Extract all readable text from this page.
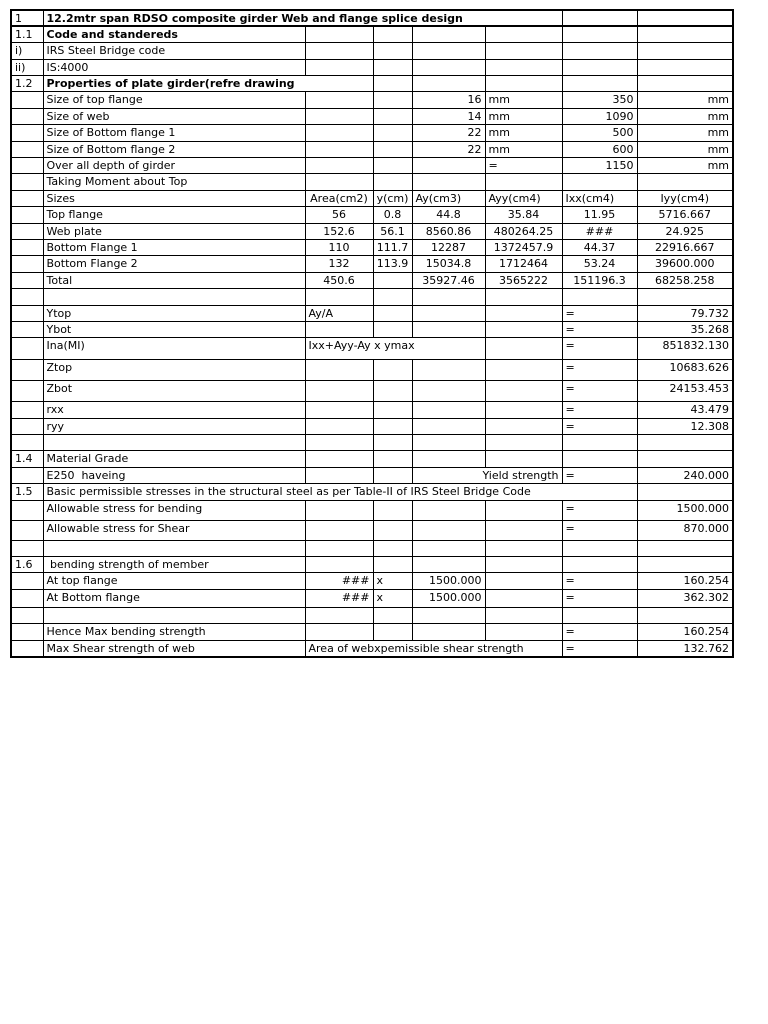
1	12.2mtr span RDSO composite girder Web and flange splice design						
1.1	Code and standereds						
i)	IRS Steel Bridge code						
ii)	IS:4000						
1.2	Properties of plate girder(refre drawing						
	Size of top flange			16	mm	350	mm
	Size of web			14	mm	1090	mm
	Size of Bottom flange 1			22	mm	500	mm
	Size of Bottom flange 2			22	mm	600	mm
	Over all depth of girder				=	1150	mm
	Taking Moment about Top						
	Sizes	Area(cm2)	y(cm)	Ay(cm3)	Ayy(cm4)	Ixx(cm4)	Iyy(cm4)
	Top flange	56	0.8	44.8	35.84	11.95	5716.667
	Web plate	152.6	56.1	8560.86	480264.25	###	24.925
	Bottom Flange 1	110	111.7	12287	1372457.9	44.37	22916.667
	Bottom Flange 2	132	113.9	15034.8	1712464	53.24	39600.000
	Total	450.6		35927.46	3565222	151196.3	68258.258

	Ytop	Ay/A				=	79.732
	Ybot					=	35.268
	Ina(MI)	Ixx+Ayy-Ay x ymax				=	851832.130
	Ztop					=	10683.626
	Zbot					=	24153.453
	rxx					=	43.479
	ryy					=	12.308

1.4	Material Grade						
	E250  haveing			Yield strength		=	240.000
1.5	Basic permissible stresses in the structural steel as per Table-II of IRS Steel Bridge Code						
	Allowable stress for bending					=	1500.000
	Allowable stress for Shear					=	870.000

1.6	bending strength of member						
	At top flange	###	x	1500.000		=	160.254
	At Bottom flange	###	x	1500.000		=	362.302

	Hence Max bending strength					=	160.254
	Max Shear strength of web	Area of webxpemissible shear strength				=	132.762
